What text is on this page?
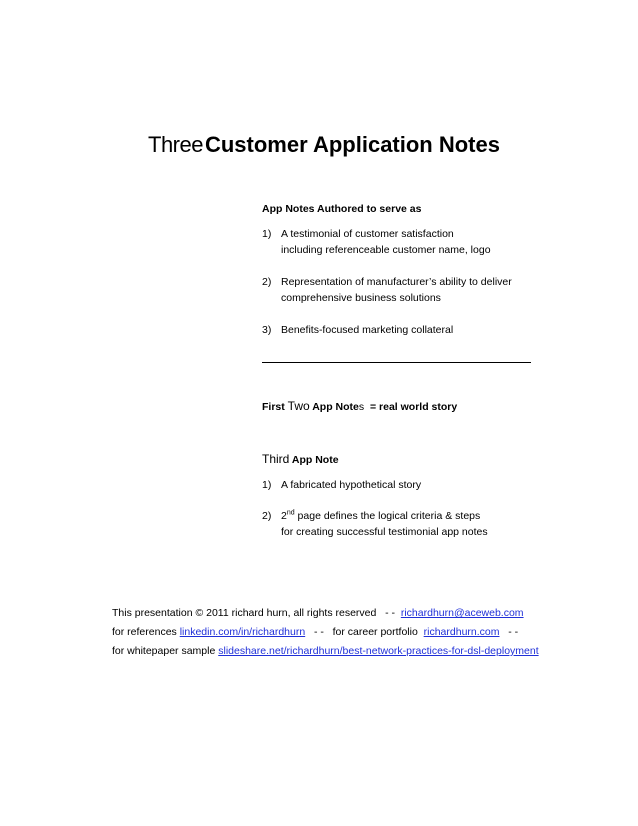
ThreeCustomer Application Notes
App Notes Authored to serve as
1) A testimonial of customer satisfaction
including referenceable customer name, logo
2) Representation of manufacturer’s ability to deliver
comprehensive business solutions
3) Benefits-focused marketing collateral
First Two App Notes  = real world story
Third App Note
1) A fabricated hypothetical story
2) 2nd page defines the logical criteria & steps
for creating successful testimonial app notes
This presentation © 2011 richard hurn, all rights reserved   - -  richardhurn@aceweb.com
for references linkedin.com/in/richardhurn   - -   for career portfolio  richardhurn.com   - -
for whitepaper sample slideshare.net/richardhurn/best-network-practices-for-dsl-deployment
